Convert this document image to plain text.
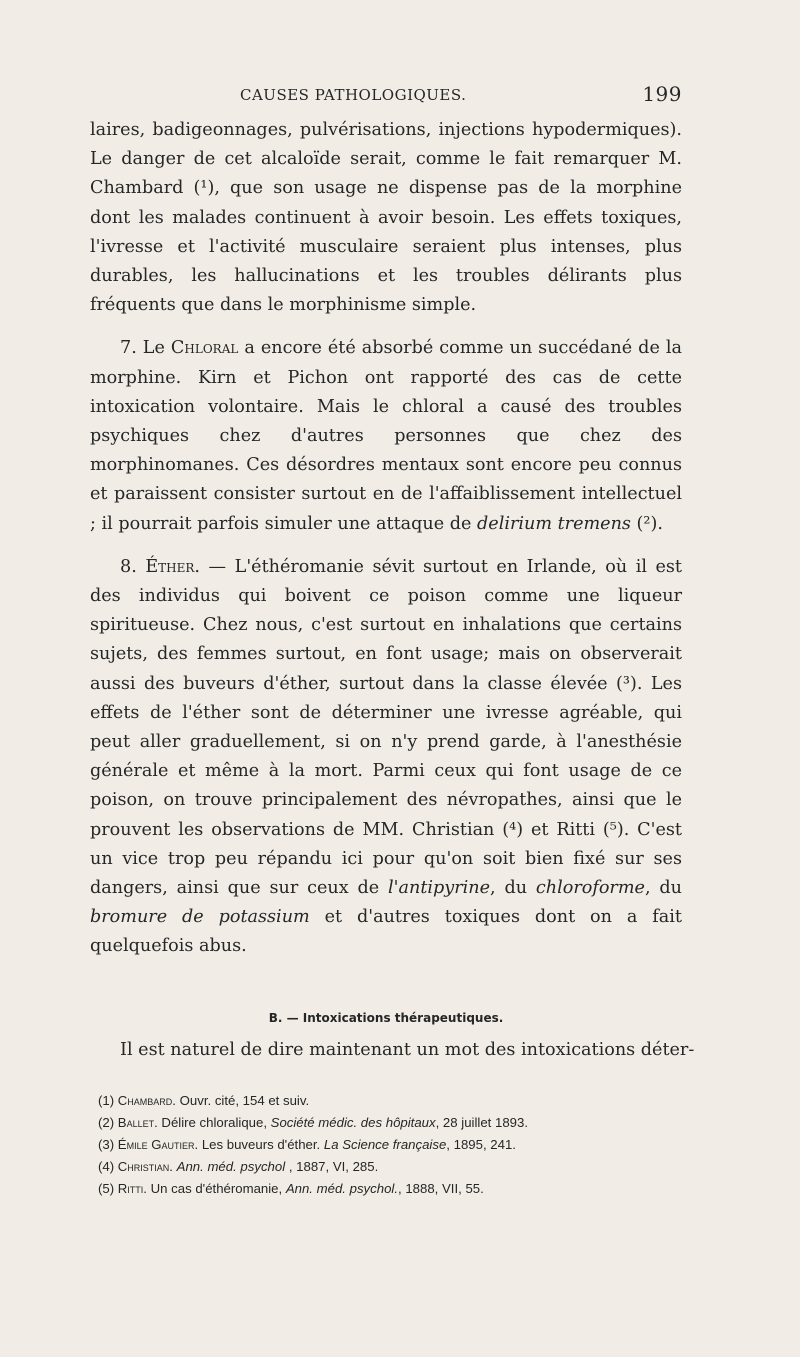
CAUSES PATHOLOGIQUES.	199

laires, badigeonnages, pulvérisations, injections hypodermiques). Le danger de cet alcaloïde serait, comme le fait remarquer M. Chambard (¹), que son usage ne dispense pas de la morphine dont les malades continuent à avoir besoin. Les effets toxiques, l'ivresse et l'activité musculaire seraient plus intenses, plus durables, les hallucinations et les troubles délirants plus fréquents que dans le morphinisme simple.

7. Le Chloral a encore été absorbé comme un succédané de la morphine. Kirn et Pichon ont rapporté des cas de cette intoxication volontaire. Mais le chloral a causé des troubles psychiques chez d'autres personnes que chez des morphinomanes. Ces désordres mentaux sont encore peu connus et paraissent consister surtout en de l'affaiblissement intellectuel ; il pourrait parfois simuler une attaque de delirium tremens (²).

8. Éther. — L'éthéromanie sévit surtout en Irlande, où il est des individus qui boivent ce poison comme une liqueur spiritueuse. Chez nous, c'est surtout en inhalations que certains sujets, des femmes surtout, en font usage; mais on observerait aussi des buveurs d'éther, surtout dans la classe élevée (³). Les effets de l'éther sont de déterminer une ivresse agréable, qui peut aller graduellement, si on n'y prend garde, à l'anesthésie générale et même à la mort. Parmi ceux qui font usage de ce poison, on trouve principalement des névropathes, ainsi que le prouvent les observations de MM. Christian (⁴) et Ritti (⁵). C'est un vice trop peu répandu ici pour qu'on soit bien fixé sur ses dangers, ainsi que sur ceux de l'antipyrine, du chloroforme, du bromure de potassium et d'autres toxiques dont on a fait quelquefois abus.

B. — Intoxications thérapeutiques.
Il est naturel de dire maintenant un mot des intoxications déter-
(1) Chambard. Ouvr. cité, 154 et suiv.
(2) Ballet. Délire chloralique, Société médic. des hôpitaux, 28 juillet 1893.
(3) Émile Gautier. Les buveurs d'éther. La Science française, 1895, 241.
(4) Christian. Ann. méd. psychol , 1887, VI, 285.
(5) Ritti. Un cas d'éthéromanie, Ann. méd. psychol., 1888, VII, 55.
